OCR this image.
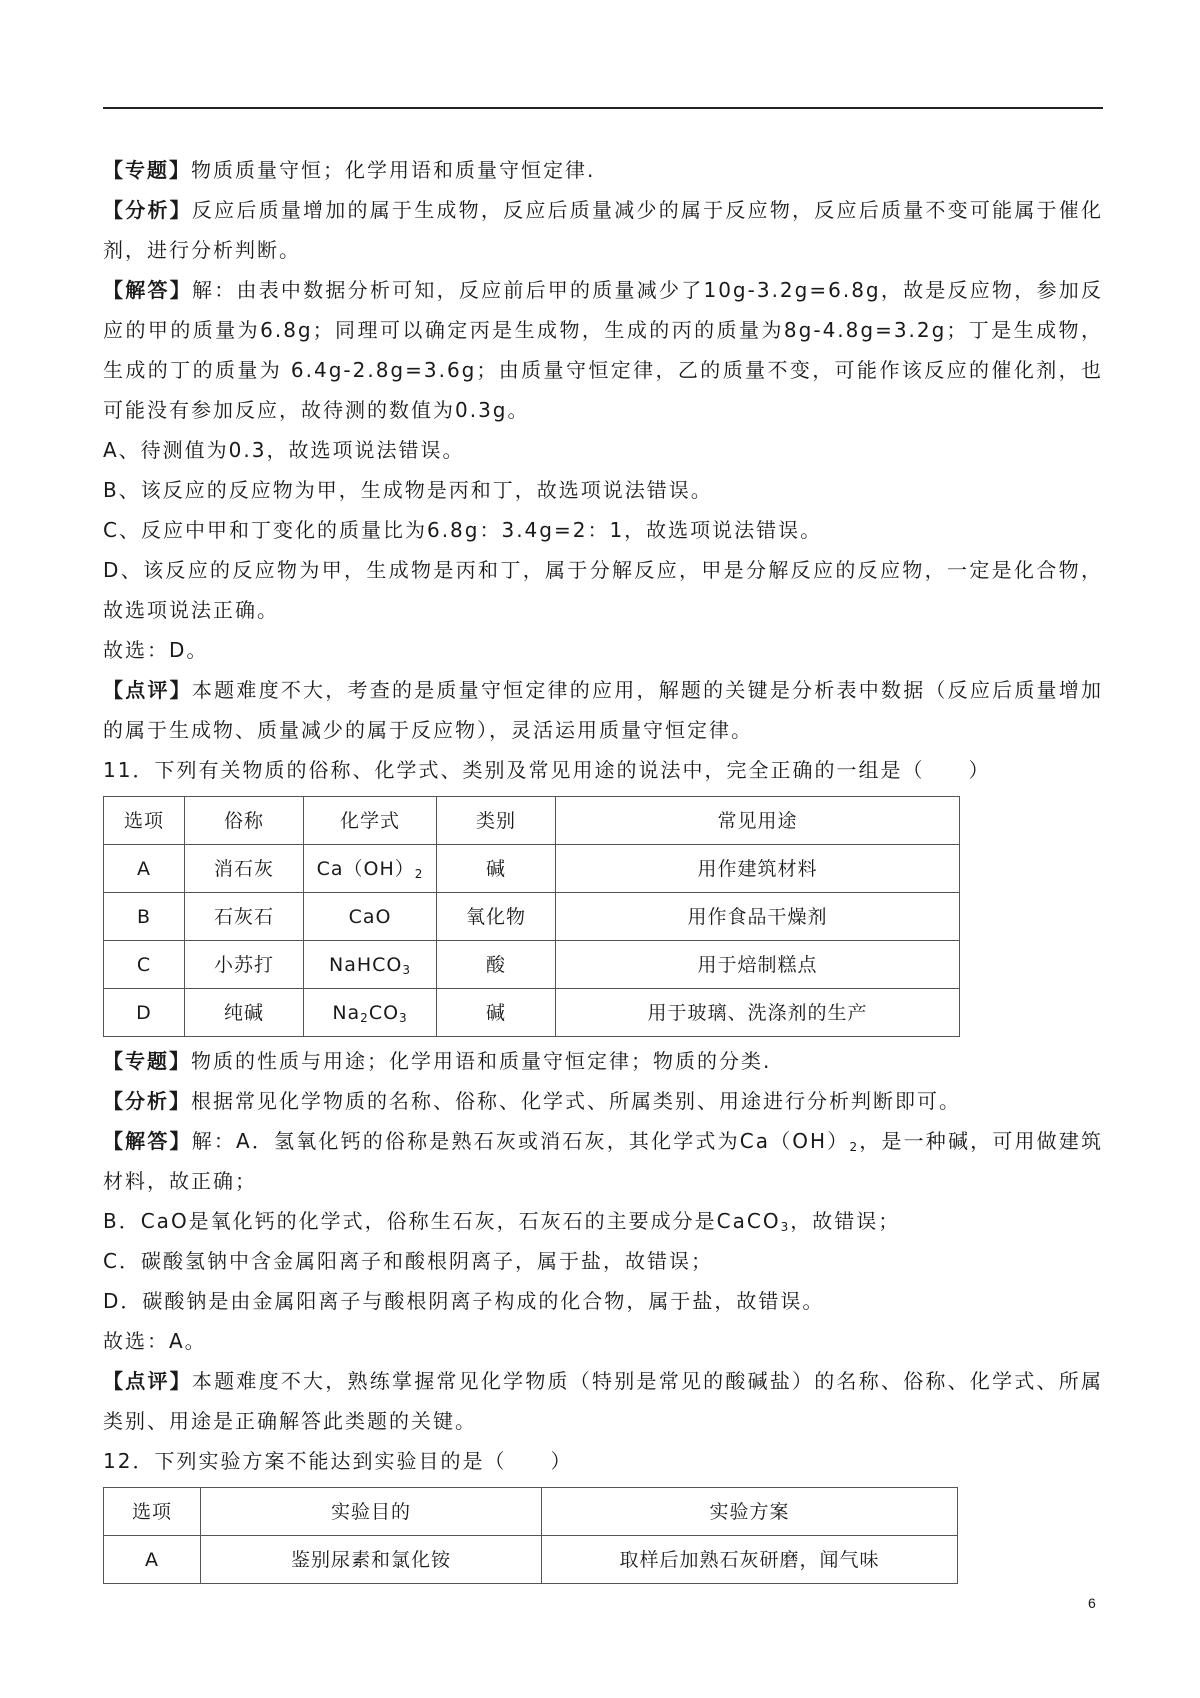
【专题】物质质量守恒；化学用语和质量守恒定律.

【分析】反应后质量增加的属于生成物，反应后质量减少的属于反应物，反应后质量不变可能属于催化剂，进行分析判断。

【解答】解：由表中数据分析可知，反应前后甲的质量减少了10g-3.2g=6.8g，故是反应物，参加反应的甲的质量为6.8g；同理可以确定丙是生成物，生成的丙的质量为8g-4.8g=3.2g；丁是生成物，生成的丁的质量为 6.4g-2.8g=3.6g；由质量守恒定律，乙的质量不变，可能作该反应的催化剂，也可能没有参加反应，故待测的数值为0.3g。

A、待测值为0.3，故选项说法错误。

B、该反应的反应物为甲，生成物是丙和丁，故选项说法错误。

C、反应中甲和丁变化的质量比为6.8g：3.4g=2：1，故选项说法错误。

D、该反应的反应物为甲，生成物是丙和丁，属于分解反应，甲是分解反应的反应物，一定是化合物，故选项说法正确。

故选：D。

【点评】本题难度不大，考查的是质量守恒定律的应用，解题的关键是分析表中数据（反应后质量增加的属于生成物、质量减少的属于反应物），灵活运用质量守恒定律。

11．下列有关物质的俗称、化学式、类别及常见用途的说法中，完全正确的一组是（　　）

选项	俗称	化学式	类别	常见用途
A	消石灰	$Ca(OH)_2$	碱	用作建筑材料
B	石灰石	CaO	氧化物	用作食品干燥剂
C	小苏打	NaHCO$_3$	酸	用于焙制糕点
D	纯碱	$Na_2CO_3$	碱	用于玻璃、洗涤剂的生产

【专题】物质的性质与用途；化学用语和质量守恒定律；物质的分类.

【分析】根据常见化学物质的名称、俗称、化学式、所属类别、用途进行分析判断即可。

【解答】解：A．氢氧化钙的俗称是熟石灰或消石灰，其化学式为$Ca(OH)_2$，是一种碱，可用做建筑材料，故正确；

B．CaO是氧化钙的化学式，俗称生石灰，石灰石的主要成分是CaCO$_3$，故错误；

C．碳酸氢钠中含金属阳离子和酸根阴离子，属于盐，故错误；

D．碳酸钠是由金属阳离子与酸根阴离子构成的化合物，属于盐，故错误。

故选：A。

【点评】本题难度不大，熟练掌握常见化学物质（特别是常见的酸碱盐）的名称、俗称、化学式、所属类别、用途是正确解答此类题的关键。

12．下列实验方案不能达到实验目的是（　　）

选项	实验目的	实验方案
A	鉴别尿素和氯化铵	取样后加熟石灰研磨，闻气味
6
